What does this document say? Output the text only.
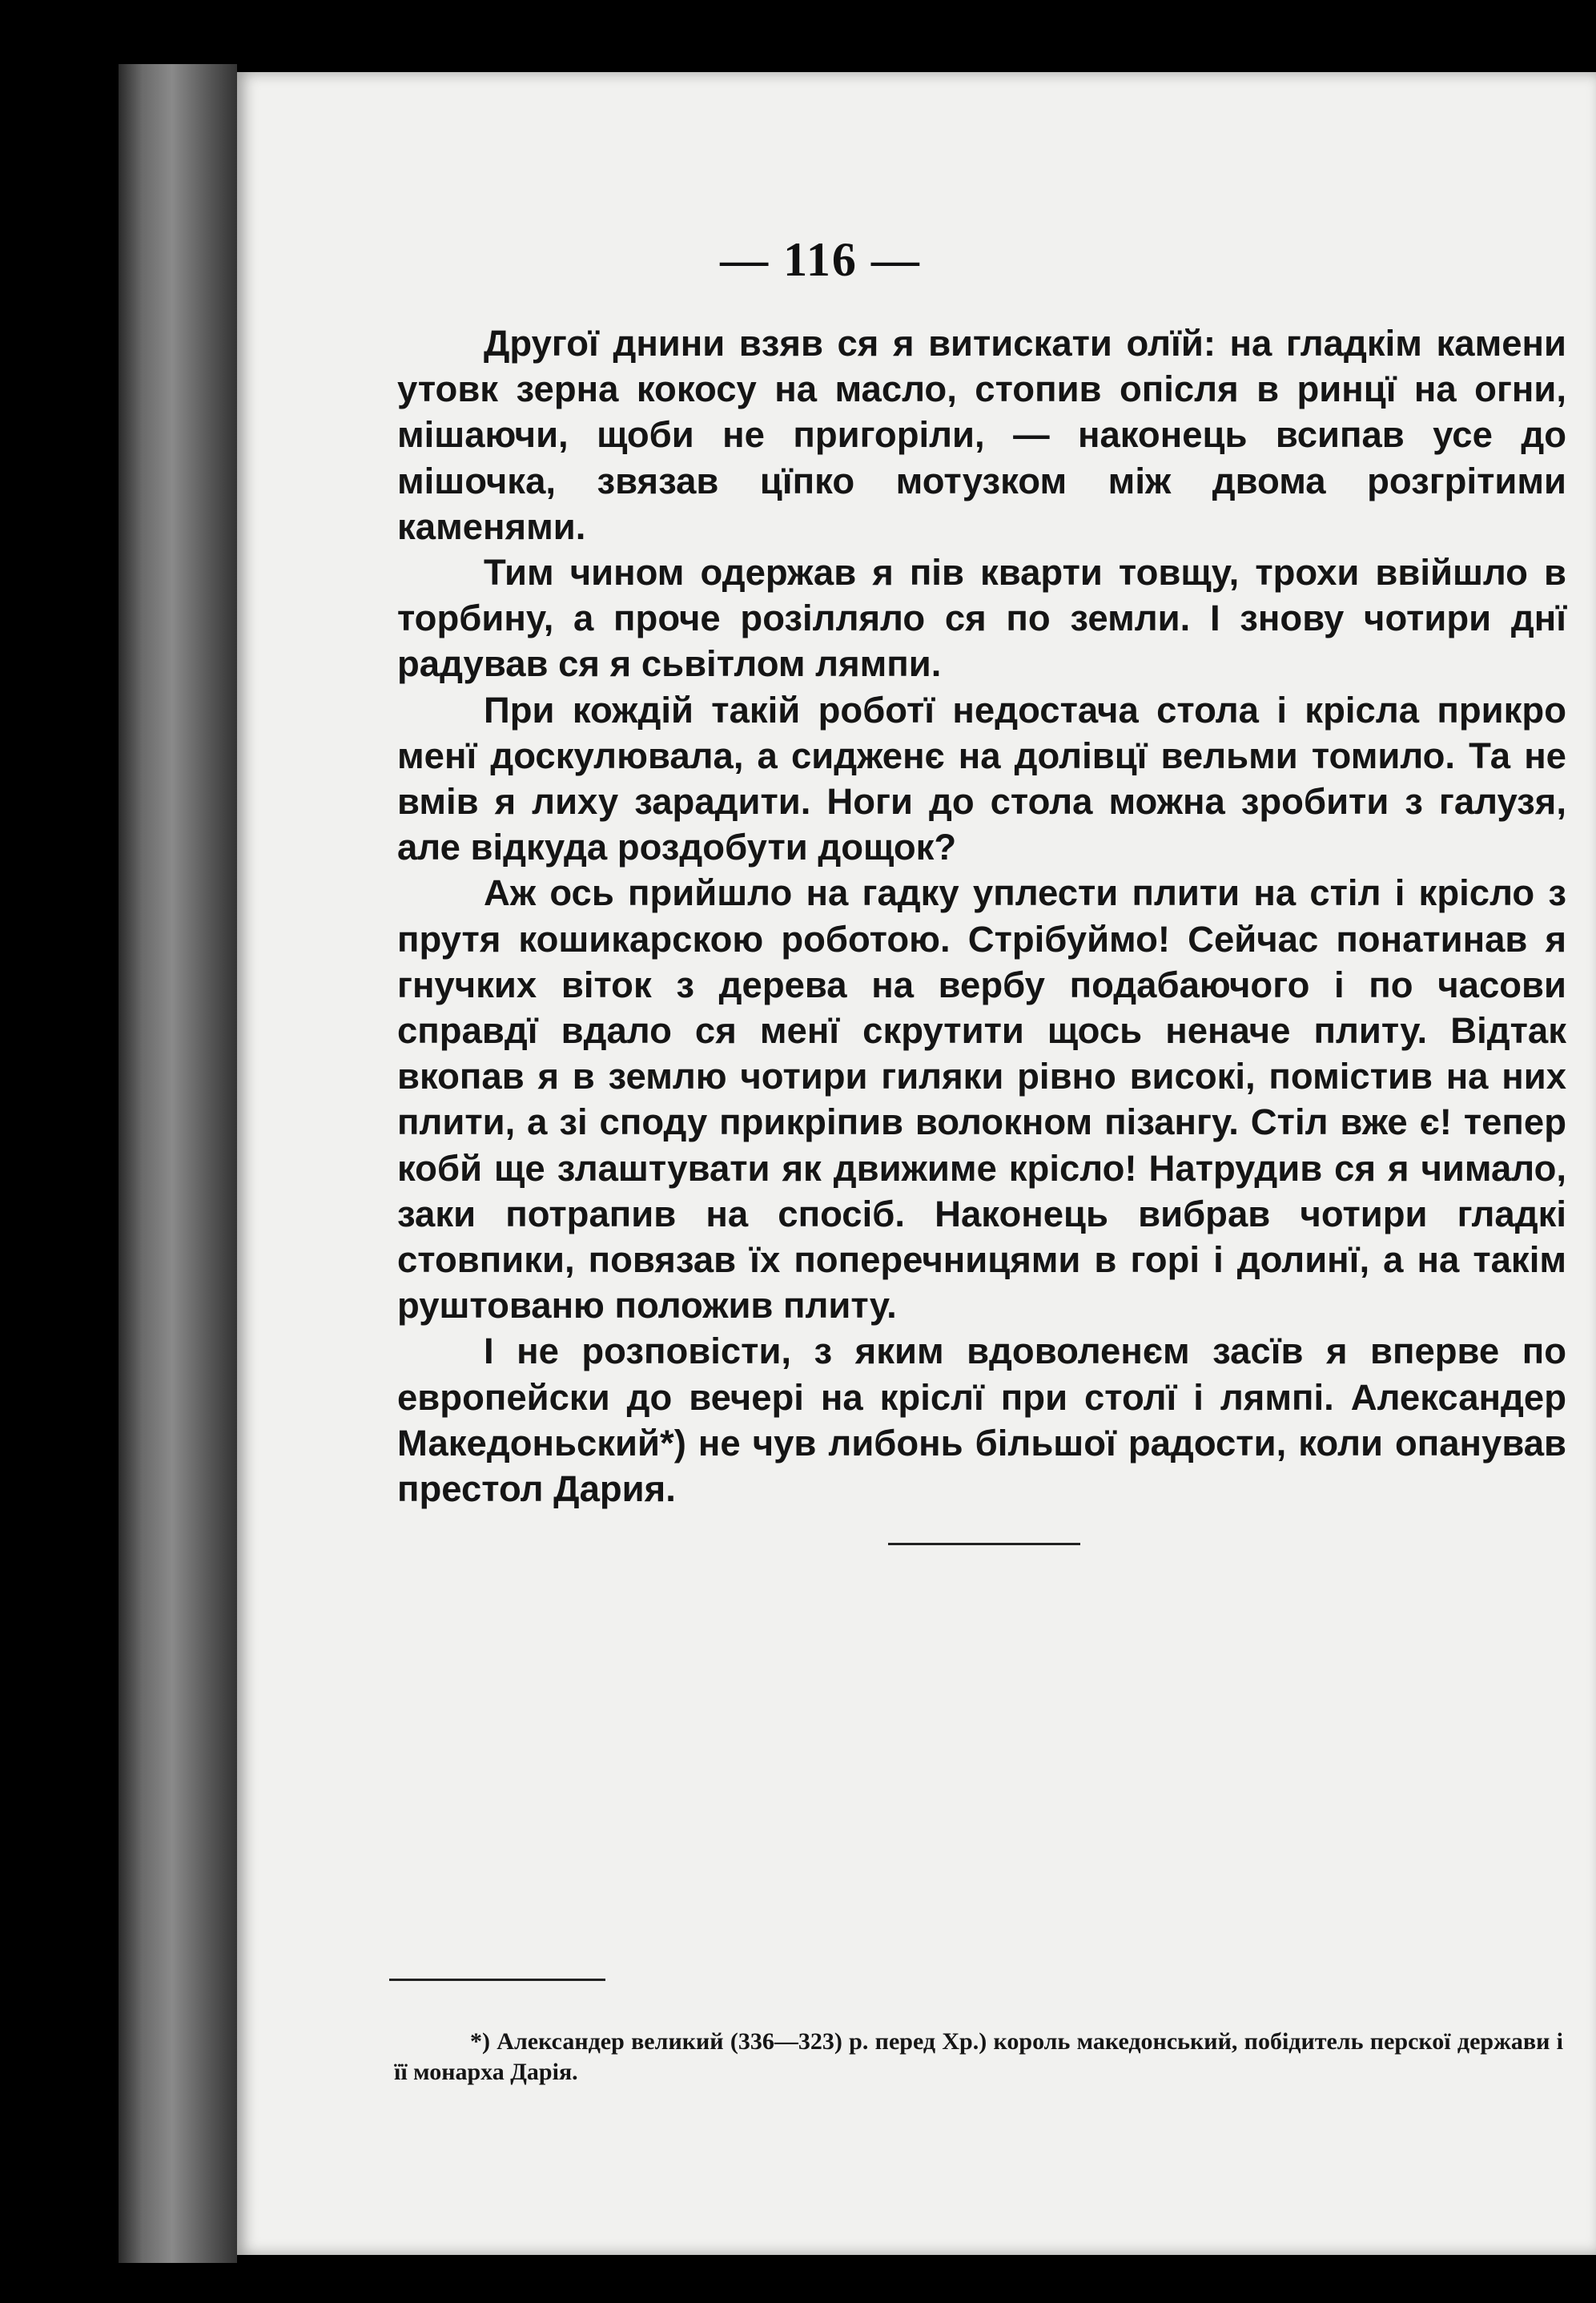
— 116 —

Другої днини взяв ся я витискати олїй: на гладкім камени утовк зерна кокосу на масло, стопив опісля в ринцї на огни, мішаючи, щоби не пригоріли, — наконець всипав усе до мішочка, звязав цїпко мотузком між двома розгрітими каменями.

Тим чином одержав я пів кварти товщу, трохи ввійшло в торбину, а проче розілляло ся по земли. І знову чотири днї радував ся я сьвітлом лямпи.

При кождій такій роботї недостача стола і крісла прикро менї доскулювала, а сидженє на долівцї вельми томило. Та не вмів я лиху зарадити. Ноги до стола можна зробити з галузя, але відкуда роздобути дощок?

Аж ось прийшло на гадку уплести плити на стіл і крісло з прутя кошикарскою роботою. Стрібуймо! Сейчас понатинав я гнучких віток з дерева на вербу подабаючого і по часови справдї вдало ся менї скрутити щось неначе плиту. Відтак вкопав я в землю чотири гиляки рівно високі, помістив на них плити, а зі споду прикріпив волокном пізангу. Стіл вже є! тепер кобй ще злаштувати як движиме крісло! Натрудив ся я чимало, заки потрапив на спосіб. Наконець вибрав чотири гладкі стовпики, повязав їх поперечницями в горі і долинї, а на такім руштованю положив плиту.

І не розповісти, з яким вдоволенєм засїв я вперве по европейски до вечері на кріслї при столї і лямпі. Александер Македоньский*) не чув либонь більшої радости, коли опанував престол Дария.

*) Александер великий (336—323) р. перед Хр.) король македонський, побідитель перскої держави і її монарха Дарія.
